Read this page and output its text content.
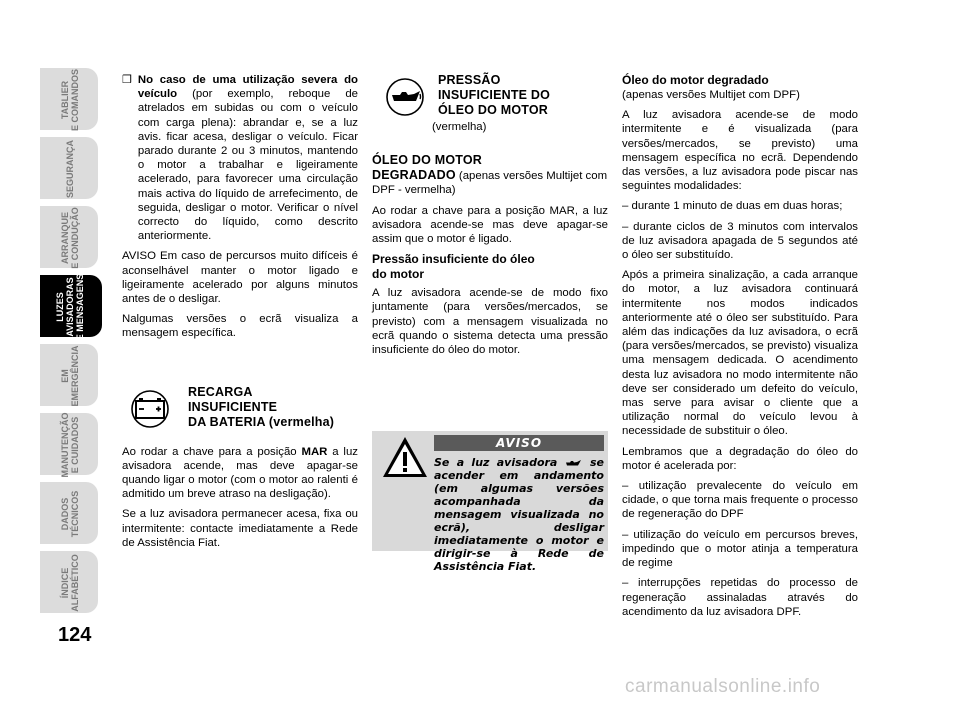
TABLIER
E COMANDOS
SEGURANÇA
ARRANQUE
E CONDUÇÃO
LUZES
AVISADORAS
E MENSAGENS
EM
EMERGÊNCIA
MANUTENÇÃO
E CUIDADOS
DADOS
TÉCNICOS
ÍNDICE
ALFABÉTICO
124
❒ No caso de uma utilização severa do veículo (por exemplo, reboque de atrelados em subidas ou com o veículo com carga plena): abrandar e, se a luz avis. ficar acesa, desligar o veículo. Ficar parado durante 2 ou 3 minutos, mantendo o motor a trabalhar e ligeiramente acelerado, para favorecer uma circulação mais activa do líquido de arrefecimento, de seguida, desligar o motor. Verificar o nível correcto do líquido, como descrito anteriormente.

AVISO Em caso de percursos muito difíceis é aconselhável manter o motor ligado e ligeiramente acelerado por alguns minutos antes de o desligar.

Nalgumas versões o ecrã visualiza a mensagem específica.

RECARGA
INSUFICIENTE
DA BATERIA (vermelha)

Ao rodar a chave para a posição MAR a luz avisadora acende, mas deve apagar-se quando ligar o motor (com o motor ao ralenti é admitido um breve atraso na desligação).

Se a luz avisadora permanecer acesa, fixa ou intermitente: contacte imediatamente a Rede de Assistência Fiat.

PRESSÃO
INSUFICIENTE DO
ÓLEO DO MOTOR
(vermelha)

ÓLEO DO MOTOR
DEGRADADO (apenas versões Multijet com DPF - vermelha)

Ao rodar a chave para a posição MAR, a luz avisadora acende-se mas deve apagar-se assim que o motor é ligado.

Pressão insuficiente do óleo
do motor

A luz avisadora acende-se de modo fixo juntamente (para versões/mercados, se previsto) com a mensagem visualizada no ecrã quando o sistema detecta uma pressão insuficiente do óleo do motor.

AVISO
Se a luz avisadora  se acender em andamento (em algumas versões acompanhada da mensagem visualizada no ecrã), desligar imediatamente o motor e dirigir-se à Rede de Assistência Fiat.
Óleo do motor degradado

(apenas versões Multijet com DPF)

A luz avisadora acende-se de modo intermitente e é visualizada (para versões/mercados, se previsto) uma mensagem específica no ecrã. Dependendo das versões, a luz avisadora pode piscar nas seguintes modalidades:

– durante 1 minuto de duas em duas horas;

– durante ciclos de 3 minutos com intervalos de luz avisadora apagada de 5 segundos até o óleo ser substituído.

Após a primeira sinalização, a cada arranque do motor, a luz avisadora continuará intermitente nos modos indicados anteriormente até o óleo ser substituído. Para além das indicações da luz avisadora, o ecrã (para versões/mercados, se previsto) visualiza uma mensagem dedicada. O acendimento desta luz avisadora no modo intermitente não deve ser considerado um defeito do veículo, mas serve para avisar o cliente que a utilização normal do veículo levou à necessidade de substituir o óleo.

Lembramos que a degradação do óleo do motor é acelerada por:

– utilização prevalecente do veículo em cidade, o que torna mais frequente o processo de regeneração do DPF

– utilização do veículo em percursos breves, impedindo que o motor atinja a temperatura de regime

– interrupções repetidas do processo de regeneração assinaladas através do acendimento da luz avisadora DPF.

carmanualsonline.info
